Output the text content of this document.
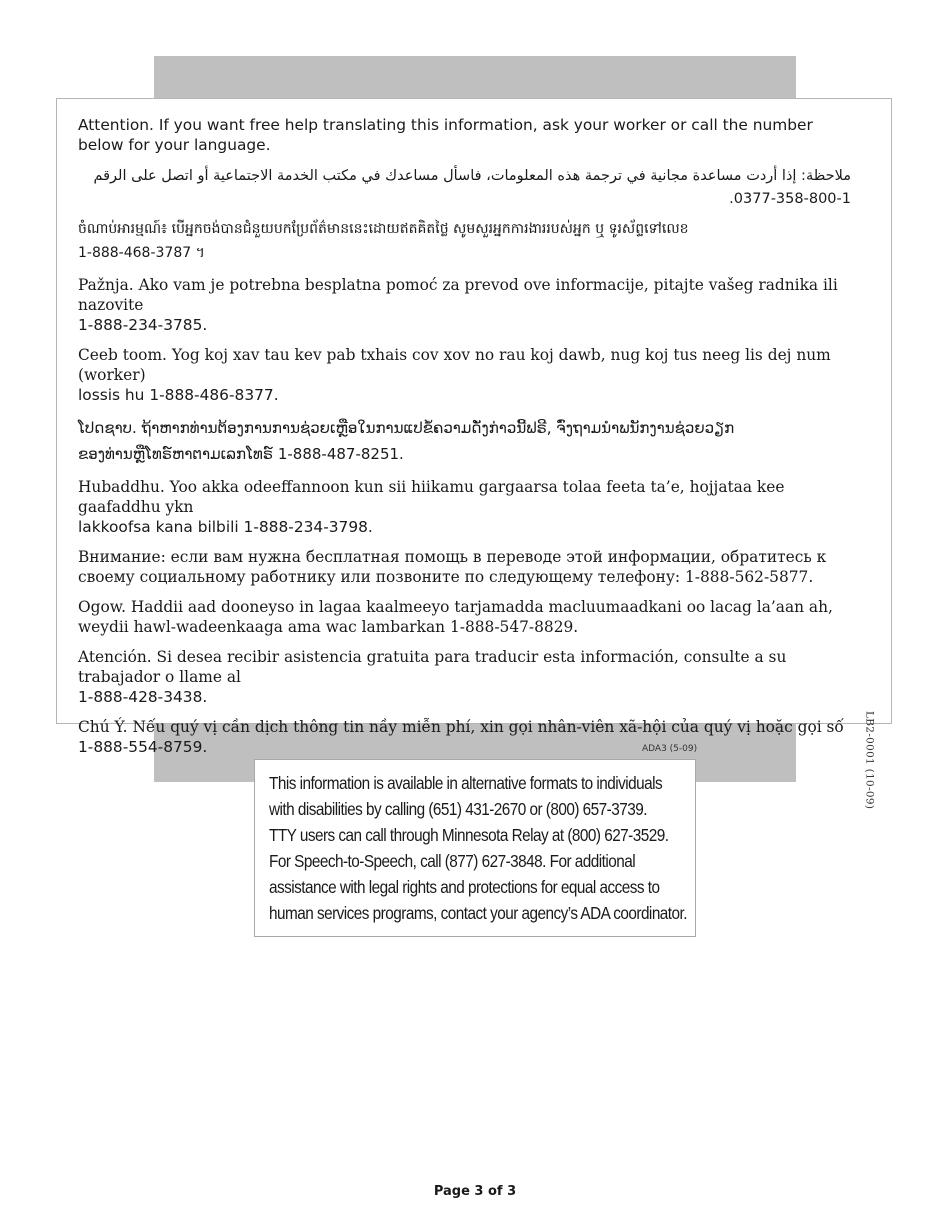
Attention. If you want free help translating this information, ask your worker or call the number below for your language.

ملاحظة: إذا أردت مساعدة مجانية في ترجمة هذه المعلومات، فاسأل مساعدك في مكتب الخدمة الاجتماعية أو اتصل على الرقم 1-800-358-0377.

ចំណាប់អារម្មណ៍៖ បើអ្នកចង់បានជំនួយបកប្រែព័ត៌មាននេះដោយឥតគិតថ្លៃ សូមសួរអ្នកការងាររបស់អ្នក ឬ ទូរស័ព្ទទៅលេខ
1-888-468-3787 ។

Pažnja. Ako vam je potrebna besplatna pomoć za prevod ove informacije, pitajte vašeg radnika ili nazovite
1-888-234-3785.

Ceeb toom. Yog koj xav tau kev pab txhais cov xov no rau koj dawb, nug koj tus neeg lis dej num (worker)
lossis hu 1-888-486-8377.

ໂປດຊາບ. ຖ້າຫາກທ່ານຕ້ອງການການຊ່ວຍເຫຼືອໃນການແປຂໍ້ຄວາມດັ່ງກ່າວນີ້ຟຣີ, ຈົ່ງຖາມນໍາພນັກງານຊ່ວຍວຽກ
ຂອງທ່ານຫຼືໂທຣ໌ຫາຕາມເລກໂທຣ໌ 1-888-487-8251.

Hubaddhu. Yoo akka odeeffannoon kun sii hiikamu gargaarsa tolaa feeta ta’e, hojjataa kee gaafaddhu ykn
lakkoofsa kana bilbili 1-888-234-3798.

Внимание: если вам нужна бесплатная помощь в переводе этой информации, обратитесь к своему социальному работнику или позвоните по следующему телефону: 1-888-562-5877.

Ogow. Haddii aad dooneyso in lagaa kaalmeeyo tarjamadda macluumaadkani oo lacag la’aan ah, weydii hawl-wadeenkaaga ama wac lambarkan 1-888-547-8829.

Atención. Si desea recibir asistencia gratuita para traducir esta información, consulte a su trabajador o llame al
1-888-428-3438.

Chú Ý. Nếu quý vị cần dịch thông tin nầy miễn phí, xin gọi nhân-viên xã-hội của quý vị hoặc gọi số
1-888-554-8759.	LB2-0001 (10-09)
ADA3 (5-09)
This information is available in alternative formats to individuals
with disabilities by calling (651) 431-2670 or (800) 657-3739.
TTY users can call through Minnesota Relay at (800) 627-3529.
For Speech-to-Speech, call (877) 627-3848. For additional
assistance with legal rights and protections for equal access to
human services programs, contact your agency’s ADA coordinator.
Page 3 of 3
